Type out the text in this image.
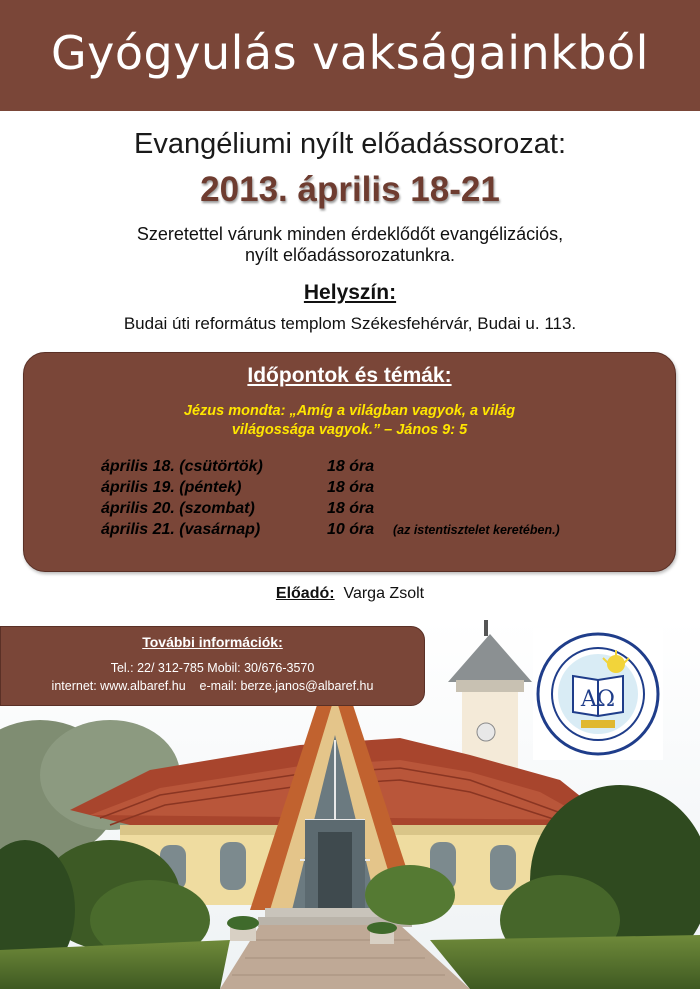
Gyógyulás vakságainkból
Evangéliumi nyílt előadássorozat:
2013. április 18-21
Szeretettel várunk minden érdeklődőt evangélizációs,
nyílt előadássorozatunkra.
Helyszín:
Budai úti református templom Székesfehérvár, Budai u. 113.
Időpontok és témák:
Jézus mondta: „Amíg a világban vagyok, a világ
világossága vagyok.” – János 9: 5
április 18. (csütörtök)	18 óra
április 19. (péntek)	18 óra
április 20. (szombat)	18 óra
április 21. (vasárnap)	10 óra (az istentisztelet keretében.)
Előadó: Varga Zsolt
További információk:
Tel.: 22/ 312-785 Mobil: 30/676-3570
internet: www.albaref.hu    e-mail: berze.janos@albaref.hu
AΩ
